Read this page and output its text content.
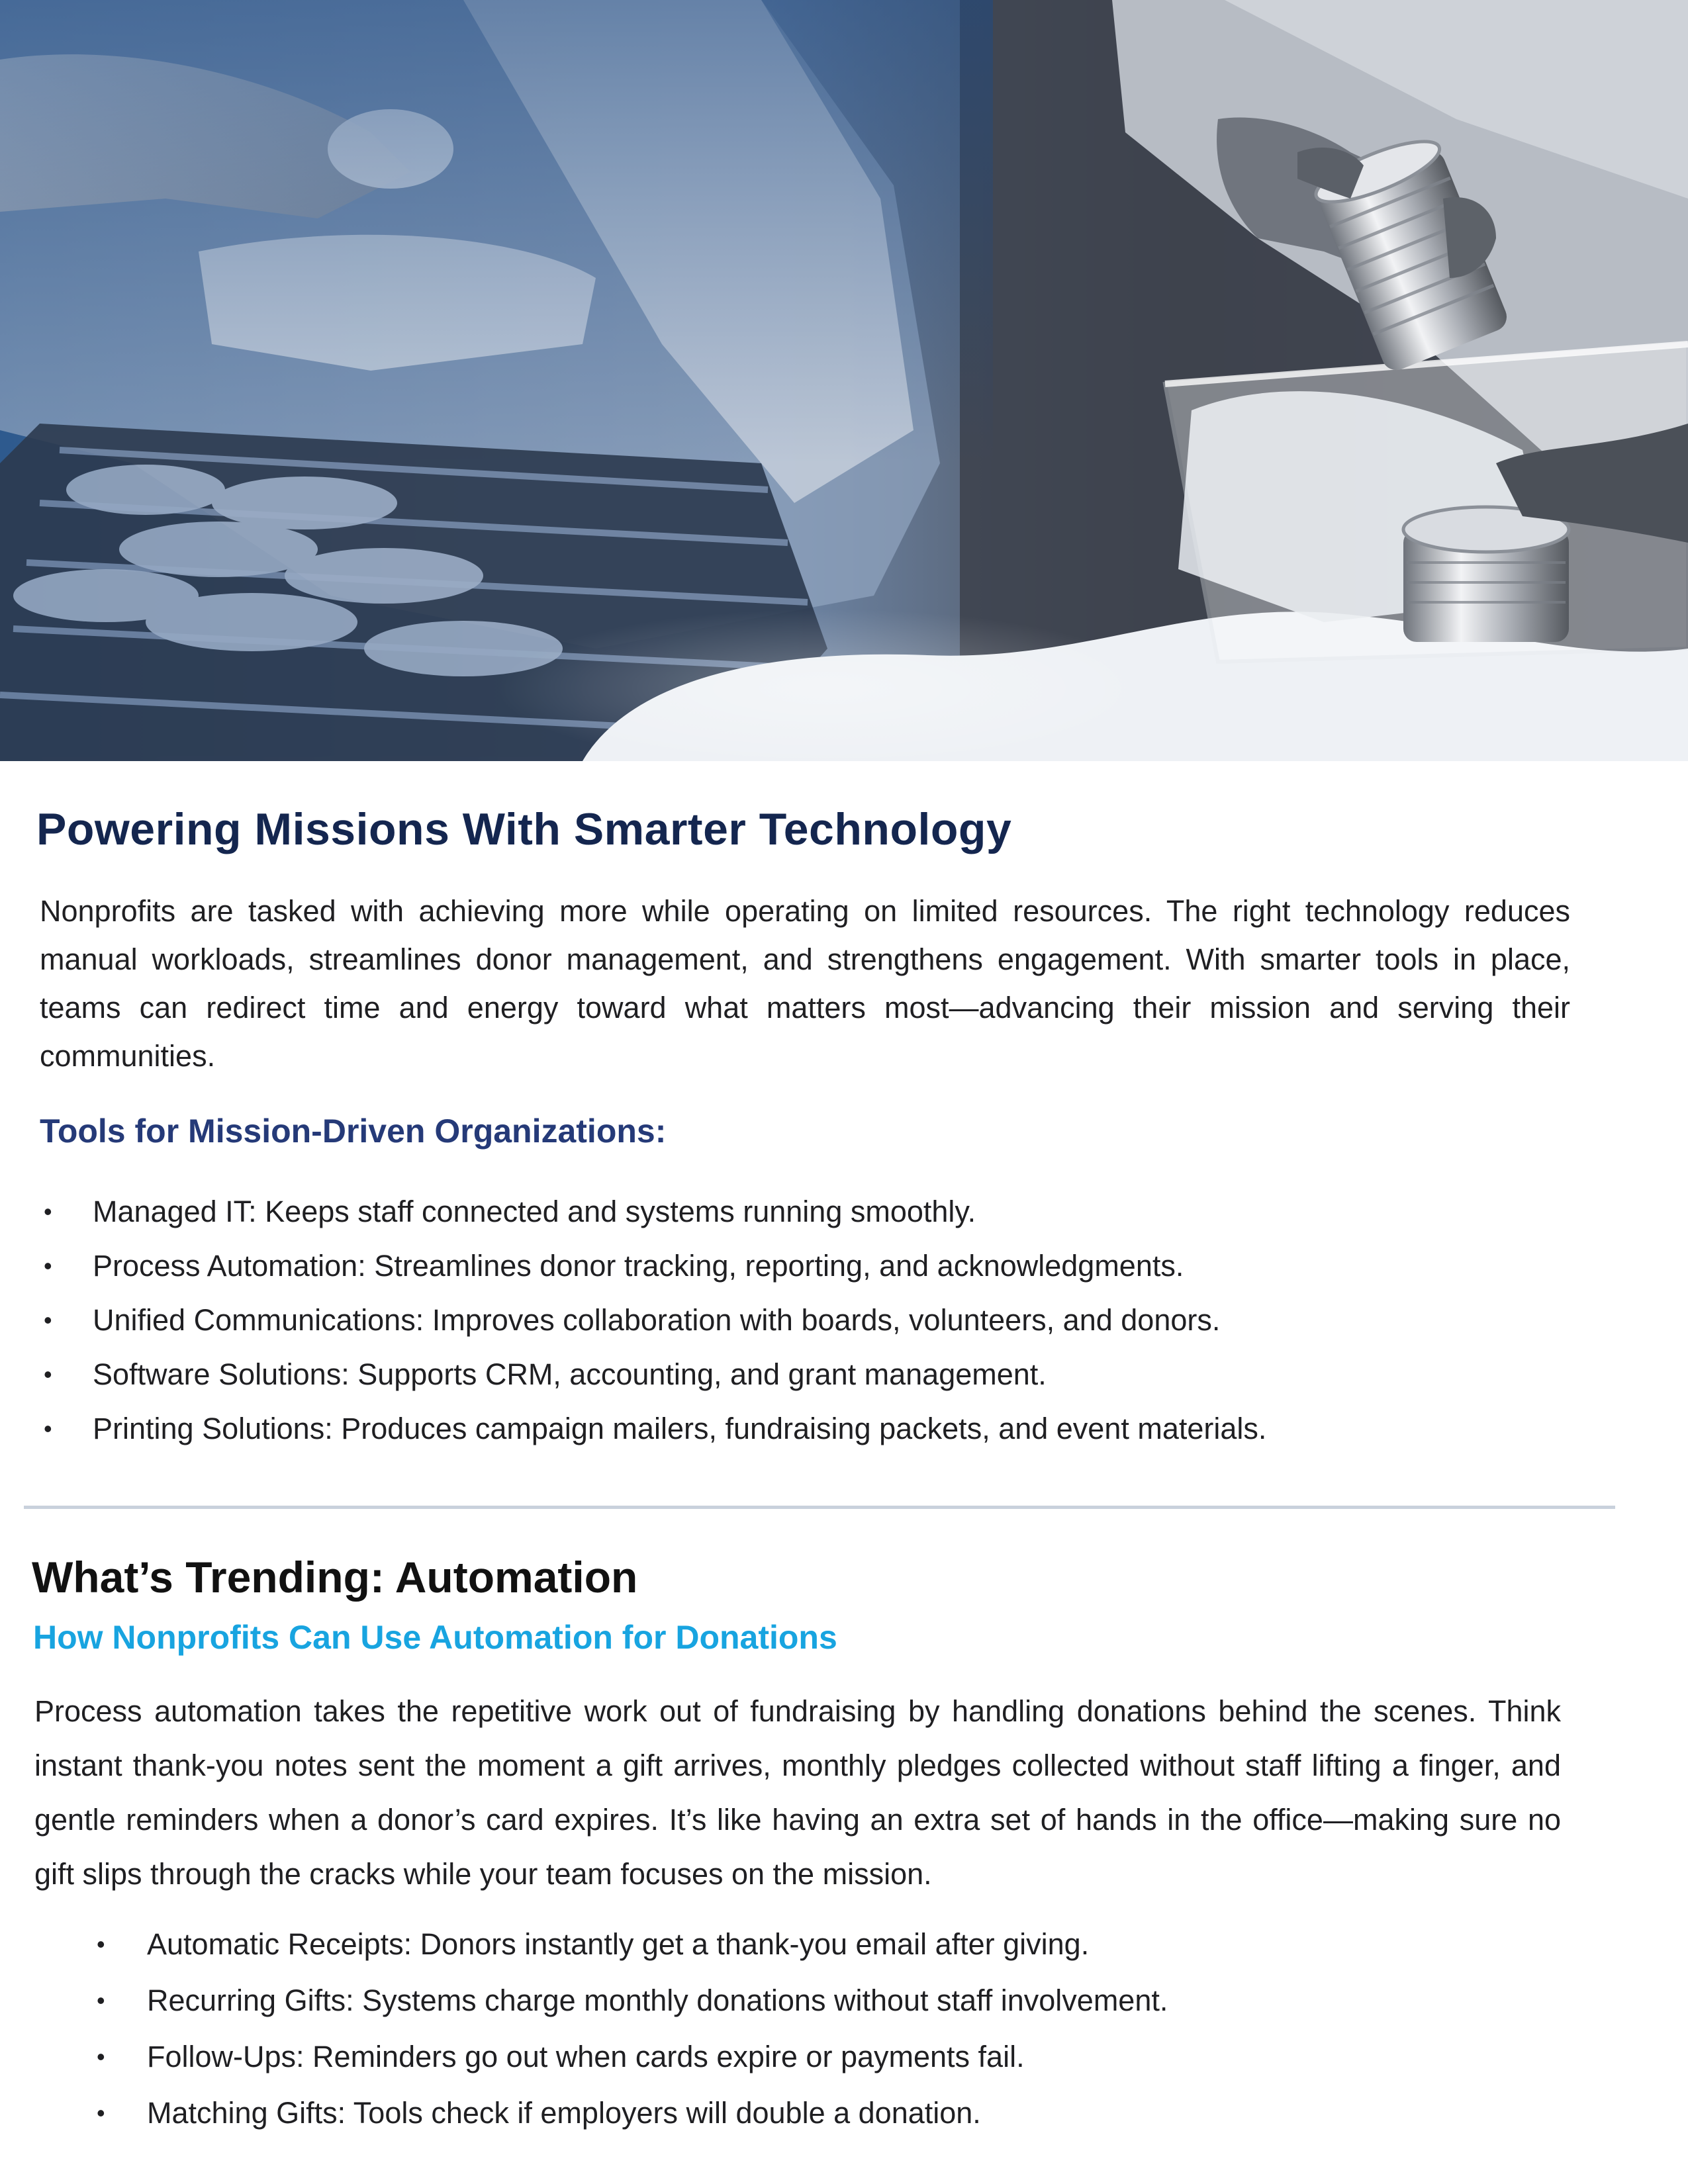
Powering Missions With Smarter Technology

Nonprofits are tasked with achieving more while operating on limited resources. The right technology reduces manual workloads, streamlines donor management, and strengthens engagement. With smarter tools in place, teams can redirect time and energy toward what matters most—advancing their mission and serving their communities.

Tools for Mission-Driven Organizations:
• Managed IT: Keeps staff connected and systems running smoothly.
• Process Automation: Streamlines donor tracking, reporting, and acknowledgments.
• Unified Communications: Improves collaboration with boards, volunteers, and donors.
• Software Solutions: Supports CRM, accounting, and grant management.
• Printing Solutions: Produces campaign mailers, fundraising packets, and event materials.
What’s Trending: Automation
How Nonprofits Can Use Automation for Donations

Process automation takes the repetitive work out of fundraising by handling donations behind the scenes. Think instant thank-you notes sent the moment a gift arrives, monthly pledges collected without staff lifting a finger, and gentle reminders when a donor’s card expires. It’s like having an extra set of hands in the office—making sure no gift slips through the cracks while your team focuses on the mission.

• Automatic Receipts: Donors instantly get a thank-you email after giving.
• Recurring Gifts: Systems charge monthly donations without staff involvement.
• Follow-Ups: Reminders go out when cards expire or payments fail.
• Matching Gifts: Tools check if employers will double a donation.
